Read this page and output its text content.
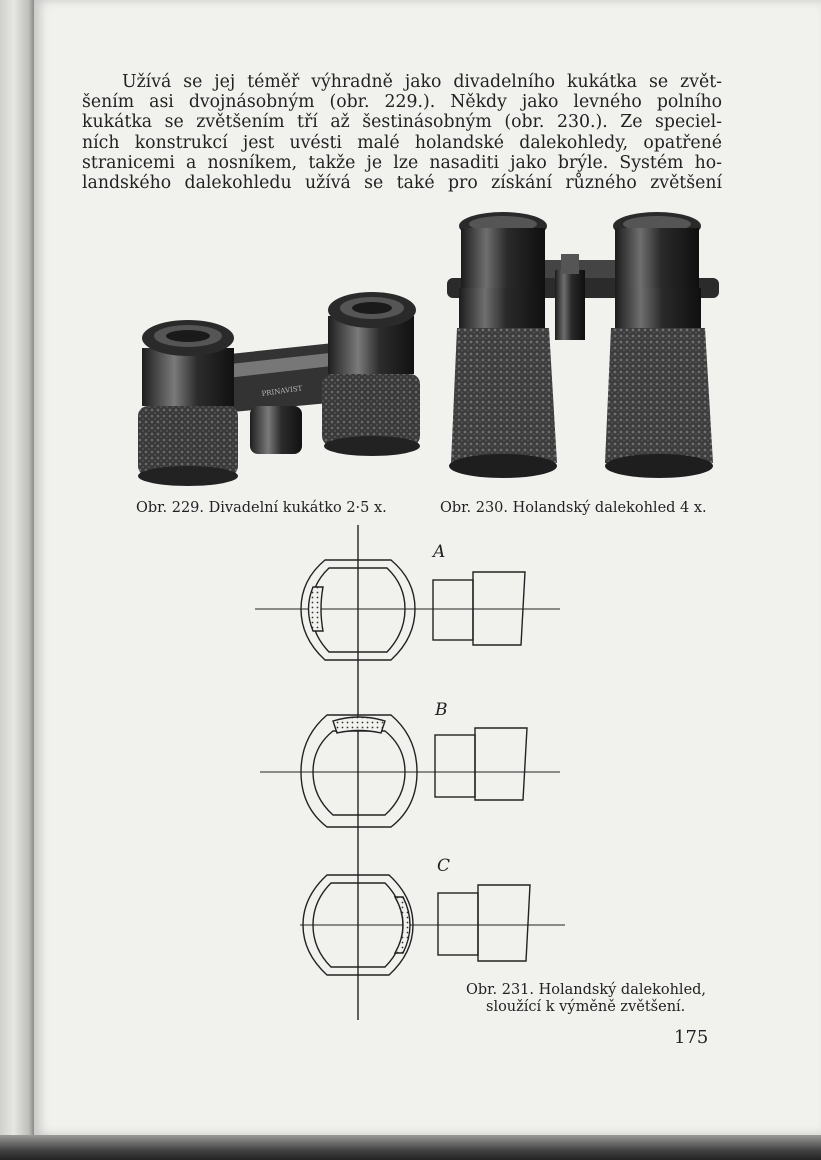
Užívá se jej téměř výhradně jako divadelního kukátka se zvět-
šením asi dvojnásobným (obr. 229.). Někdy jako levného polního
kukátka se zvětšením tří až šestinásobným (obr. 230.). Ze speciel-
ních konstrukcí jest uvésti malé holandské dalekohledy, opatřené
stranicemi a nosníkem, takže je lze nasaditi jako brýle. Systém ho-
landského dalekohledu užívá se také pro získání různého zvětšení
PRINAVIST
Obr. 229. Divadelní kukátko 2·5 x.	Obr. 230. Holandský dalekohled 4 x.
A
B
C
Obr. 231. Holandský dalekohled,
sloužící k výměně zvětšení.
175
